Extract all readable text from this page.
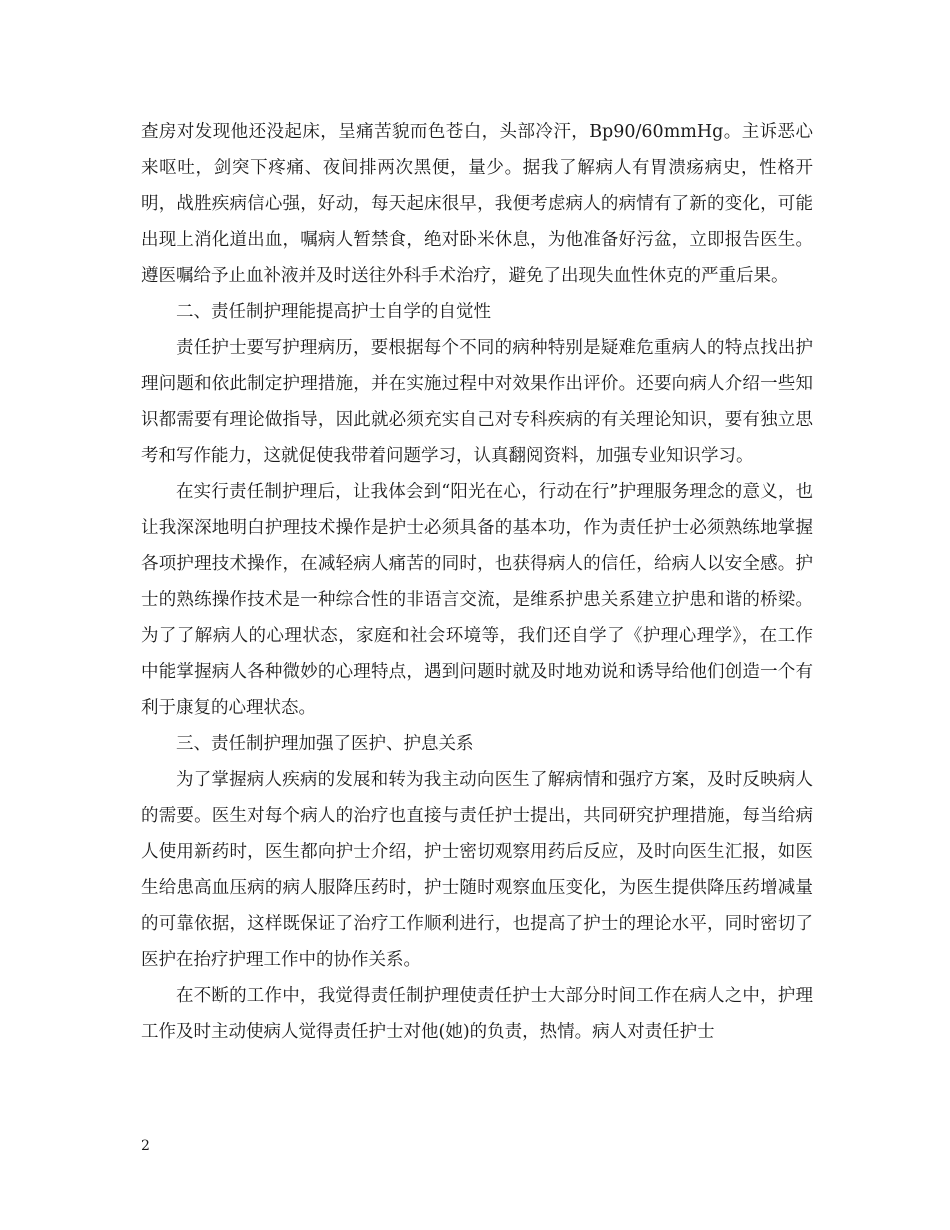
查房对发现他还没起床，呈痛苦貌而色苍白，头部冷汗，Bp90/60mmHg。主诉恶心来呕吐，剑突下疼痛、夜间排两次黑便，量少。据我了解病人有胃溃疡病史，性格开明，战胜疾病信心强，好动，每天起床很早，我便考虑病人的病情有了新的变化，可能出现上消化道出血，嘱病人暂禁食，绝对卧米休息，为他准备好污盆，立即报告医生。遵医嘱给予止血补液并及时送往外科手术治疗，避免了出现失血性休克的严重后果。

二、责任制护理能提高护士自学的自觉性

责任护士要写护理病历，要根据每个不同的病种特别是疑难危重病人的特点找出护理问题和依此制定护理措施，并在实施过程中对效果作出评价。还要向病人介绍一些知识都需要有理论做指导，因此就必须充实自己对专科疾病的有关理论知识，要有独立思考和写作能力，这就促使我带着问题学习，认真翻阅资料，加强专业知识学习。

在实行责任制护理后，让我体会到“阳光在心，行动在行”护理服务理念的意义，也让我深深地明白护理技术操作是护士必须具备的基本功，作为责任护士必须熟练地掌握各项护理技术操作，在减轻病人痛苦的同时，也获得病人的信任，给病人以安全感。护士的熟练操作技术是一种综合性的非语言交流，是维系护患关系建立护患和谐的桥梁。为了了解病人的心理状态，家庭和社会环境等，我们还自学了《护理心理学》，在工作中能掌握病人各种微妙的心理特点，遇到问题时就及时地劝说和诱导给他们创造一个有利于康复的心理状态。

三、责任制护理加强了医护、护息关系

为了掌握病人疾病的发展和转为我主动向医生了解病情和强疗方案，及时反映病人的需要。医生对每个病人的治疗也直接与责任护士提出，共同研究护理措施，每当给病人使用新药时，医生都向护士介绍，护士密切观察用药后反应，及时向医生汇报，如医生给患高血压病的病人服降压药时，护士随时观察血压变化，为医生提供降压药增减量的可靠依据，这样既保证了治疗工作顺利进行，也提高了护士的理论水平，同时密切了医护在抬疗护理工作中的协作关系。

在不断的工作中，我觉得责任制护理使责任护士大部分时间工作在病人之中，护理工作及时主动使病人觉得责任护士对他(她)的负责，热情。病人对责任护士

2
